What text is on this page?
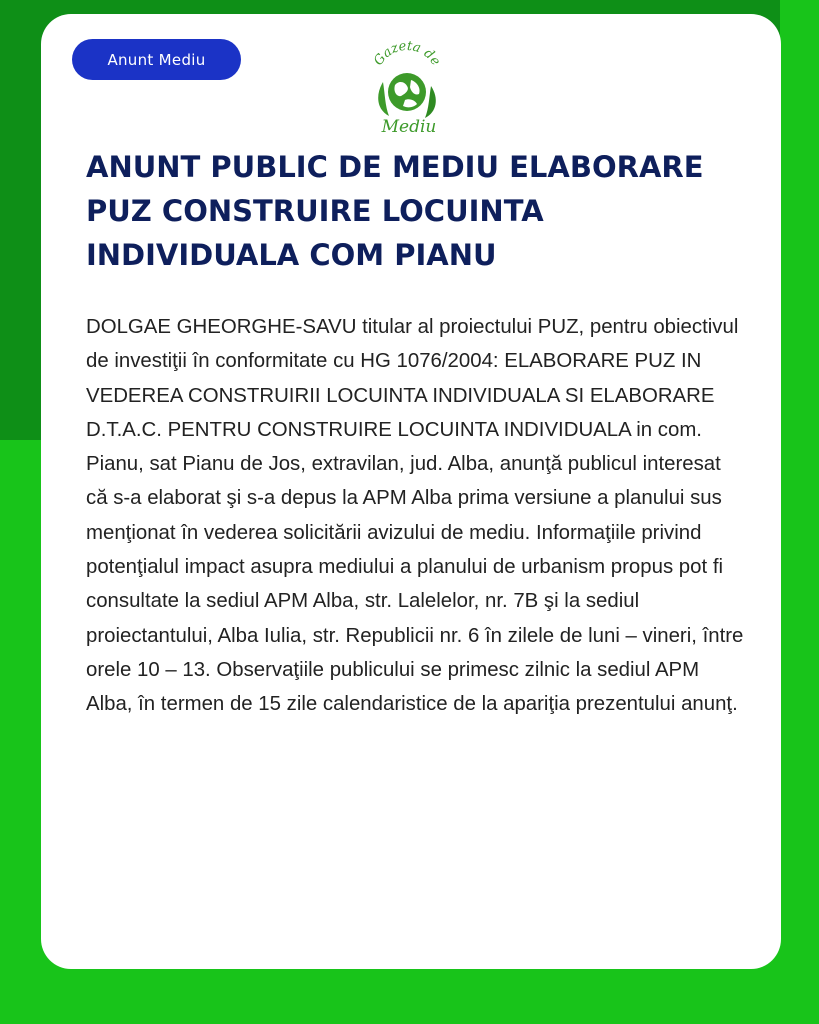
Anunt Mediu	Gazeta de
Mediu
ANUNT PUBLIC DE MEDIU ELABORARE PUZ CONSTRUIRE LOCUINTA INDIVIDUALA COM PIANU

DOLGAE GHEORGHE-SAVU titular al proiectului PUZ, pentru obiectivul de investiţii în conformitate cu HG 1076/2004: ELABORARE PUZ IN VEDEREA CONSTRUIRII LOCUINTA INDIVIDUALA SI ELABORARE D.T.A.C. PENTRU CONSTRUIRE LOCUINTA INDIVIDUALA in com. Pianu, sat Pianu de Jos, extravilan, jud. Alba, anunţă publicul interesat că s-a elaborat şi s-a depus la APM Alba prima versiune a planului sus menţionat în vederea solicitării avizului de mediu. Informaţiile privind potenţialul impact asupra mediului a planului de urbanism propus pot fi consultate la sediul APM Alba, str. Lalelelor, nr. 7B şi la sediul proiectantului, Alba Iulia, str. Republicii nr. 6 în zilele de luni – vineri, între orele 10 – 13. Observaţiile publicului se primesc zilnic la sediul APM Alba, în termen de 15 zile calendaristice de la apariţia prezentului anunţ.
